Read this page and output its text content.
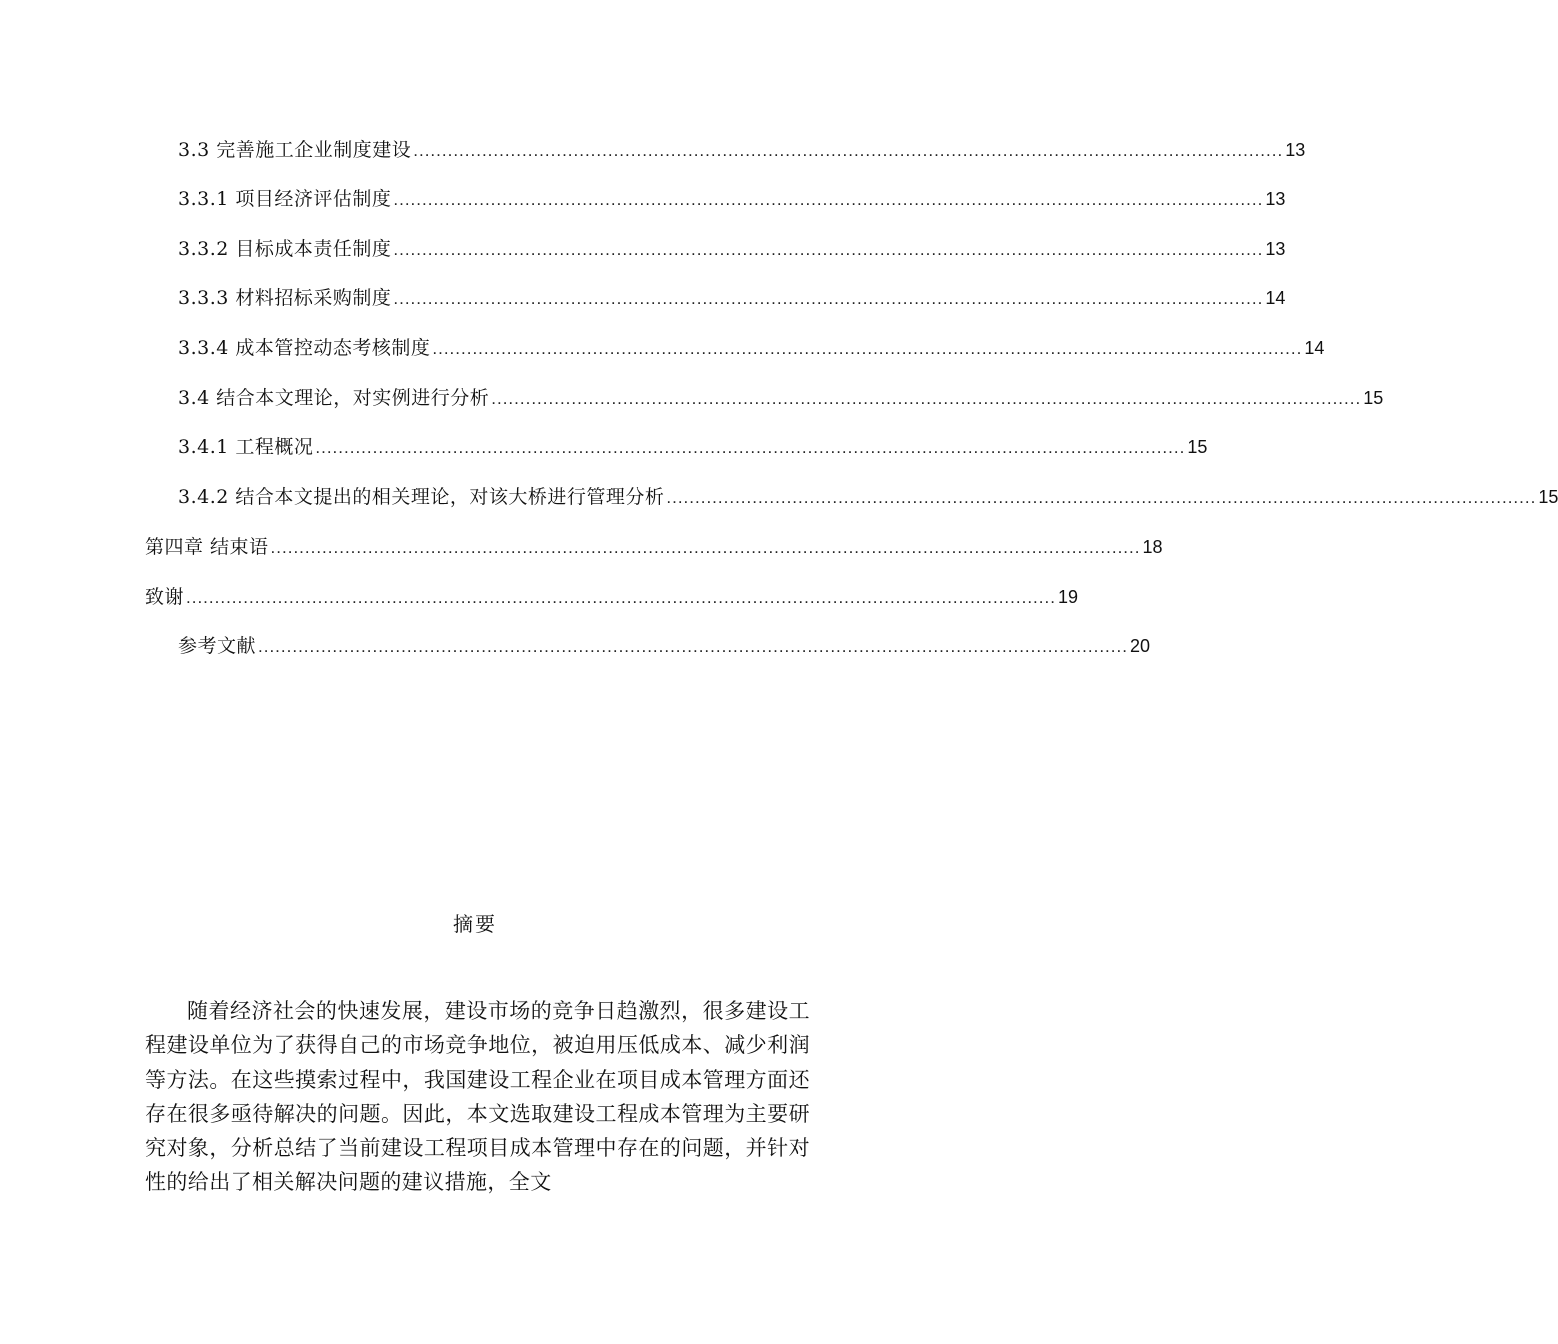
3.3 完善施工企业制度建设 ........................................................................................................................................................ 13
3.3.1 项目经济评估制度 ........................................................................................................................................................ 13
3.3.2 目标成本责任制度 ........................................................................................................................................................ 13
3.3.3 材料招标采购制度 ........................................................................................................................................................ 14
3.3.4 成本管控动态考核制度 ........................................................................................................................................................ 14
3.4 结合本文理论，对实例进行分析 ........................................................................................................................................................ 15
3.4.1 工程概况 ........................................................................................................................................................ 15
3.4.2 结合本文提出的相关理论，对该大桥进行管理分析 ........................................................................................................................................................ 15
第四章 结束语 ........................................................................................................................................................ 18
致谢 ........................................................................................................................................................ 19
参考文献 ........................................................................................................................................................ 20
摘要

随着经济社会的快速发展，建设市场的竞争日趋激烈，很多建设工程建设单位为了获得自己的市场竞争地位，被迫用压低成本、减少利润等方法。在这些摸索过程中，我国建设工程企业在项目成本管理方面还存在很多亟待解决的问题。因此，本文选取建设工程成本管理为主要研究对象，分析总结了当前建设工程项目成本管理中存在的问题，并针对性的给出了相关解决问题的建议措施，全文
